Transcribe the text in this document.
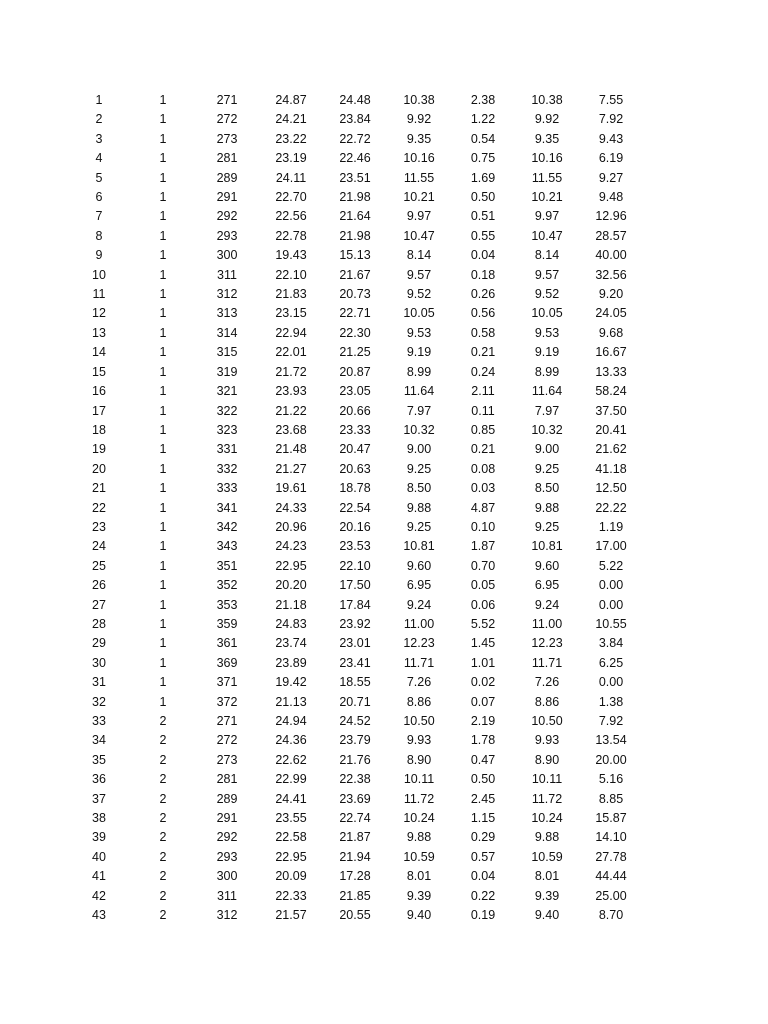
1	1	271	24.87	24.48	10.38	2.38	10.38	7.55
2	1	272	24.21	23.84	9.92	1.22	9.92	7.92
3	1	273	23.22	22.72	9.35	0.54	9.35	9.43
4	1	281	23.19	22.46	10.16	0.75	10.16	6.19
5	1	289	24.11	23.51	11.55	1.69	11.55	9.27
6	1	291	22.70	21.98	10.21	0.50	10.21	9.48
7	1	292	22.56	21.64	9.97	0.51	9.97	12.96
8	1	293	22.78	21.98	10.47	0.55	10.47	28.57
9	1	300	19.43	15.13	8.14	0.04	8.14	40.00
10	1	311	22.10	21.67	9.57	0.18	9.57	32.56
11	1	312	21.83	20.73	9.52	0.26	9.52	9.20
12	1	313	23.15	22.71	10.05	0.56	10.05	24.05
13	1	314	22.94	22.30	9.53	0.58	9.53	9.68
14	1	315	22.01	21.25	9.19	0.21	9.19	16.67
15	1	319	21.72	20.87	8.99	0.24	8.99	13.33
16	1	321	23.93	23.05	11.64	2.11	11.64	58.24
17	1	322	21.22	20.66	7.97	0.11	7.97	37.50
18	1	323	23.68	23.33	10.32	0.85	10.32	20.41
19	1	331	21.48	20.47	9.00	0.21	9.00	21.62
20	1	332	21.27	20.63	9.25	0.08	9.25	41.18
21	1	333	19.61	18.78	8.50	0.03	8.50	12.50
22	1	341	24.33	22.54	9.88	4.87	9.88	22.22
23	1	342	20.96	20.16	9.25	0.10	9.25	1.19
24	1	343	24.23	23.53	10.81	1.87	10.81	17.00
25	1	351	22.95	22.10	9.60	0.70	9.60	5.22
26	1	352	20.20	17.50	6.95	0.05	6.95	0.00
27	1	353	21.18	17.84	9.24	0.06	9.24	0.00
28	1	359	24.83	23.92	11.00	5.52	11.00	10.55
29	1	361	23.74	23.01	12.23	1.45	12.23	3.84
30	1	369	23.89	23.41	11.71	1.01	11.71	6.25
31	1	371	19.42	18.55	7.26	0.02	7.26	0.00
32	1	372	21.13	20.71	8.86	0.07	8.86	1.38
33	2	271	24.94	24.52	10.50	2.19	10.50	7.92
34	2	272	24.36	23.79	9.93	1.78	9.93	13.54
35	2	273	22.62	21.76	8.90	0.47	8.90	20.00
36	2	281	22.99	22.38	10.11	0.50	10.11	5.16
37	2	289	24.41	23.69	11.72	2.45	11.72	8.85
38	2	291	23.55	22.74	10.24	1.15	10.24	15.87
39	2	292	22.58	21.87	9.88	0.29	9.88	14.10
40	2	293	22.95	21.94	10.59	0.57	10.59	27.78
41	2	300	20.09	17.28	8.01	0.04	8.01	44.44
42	2	311	22.33	21.85	9.39	0.22	9.39	25.00
43	2	312	21.57	20.55	9.40	0.19	9.40	8.70
